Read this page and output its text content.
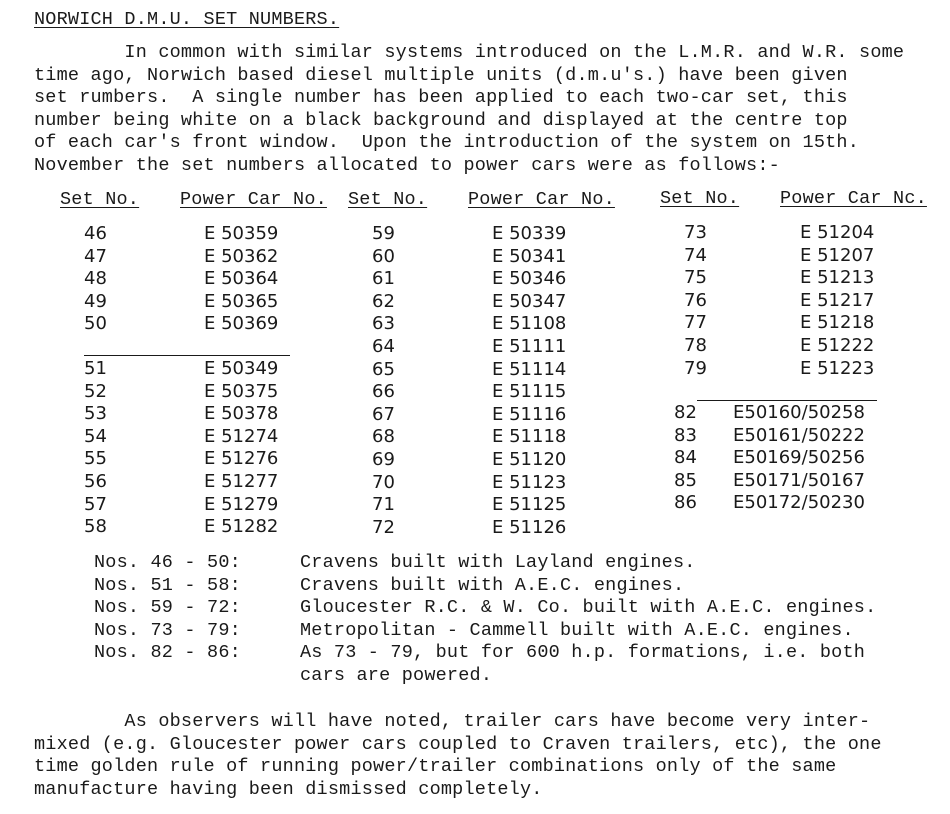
NORWICH D.M.U. SET NUMBERS.
In common with similar systems introduced on the L.M.R. and W.R. some
time ago, Norwich based diesel multiple units (d.m.u's.) have been given
set rumbers.  A single number has been applied to each two-car set, this
number being white on a black background and displayed at the centre top
of each car's front window.  Upon the introduction of the system on 15th.
November the set numbers allocated to power cars were as follows:-
Set No. Power Car No. Set No. Power Car No. Set No. Power Car Nc.
46
47
48
49
50
E 50359
E 50362
E 50364
E 50365
E 50369
51
52
53
54
55
56
57
58
E 50349
E 50375
E 50378
E 51274
E 51276
E 51277
E 51279
E 51282
59
60
61
62
63
64
65
66
67
68
69
70
71
72
E 50339
E 50341
E 50346
E 50347
E 51108
E 51111
E 51114
E 51115
E 51116
E 51118
E 51120
E 51123
E 51125
E 51126
73
74
75
76
77
78
79
E 51204
E 51207
E 51213
E 51217
E 51218
E 51222
E 51223
82
83
84
85
86
E50160/50258
E50161/50222
E50169/50256
E50171/50167
E50172/50230
Nos. 46 - 50:
Nos. 51 - 58:
Nos. 59 - 72:
Nos. 73 - 79:
Nos. 82 - 86:
Cravens built with Layland engines.
Cravens built with A.E.C. engines.
Gloucester R.C. & W. Co. built with A.E.C. engines.
Metropolitan - Cammell built with A.E.C. engines.
As 73 - 79, but for 600 h.p. formations, i.e. both
cars are powered.
As observers will have noted, trailer cars have become very inter-
mixed (e.g. Gloucester power cars coupled to Craven trailers, etc), the one
time golden rule of running power/trailer combinations only of the same
manufacture having been dismissed completely.
